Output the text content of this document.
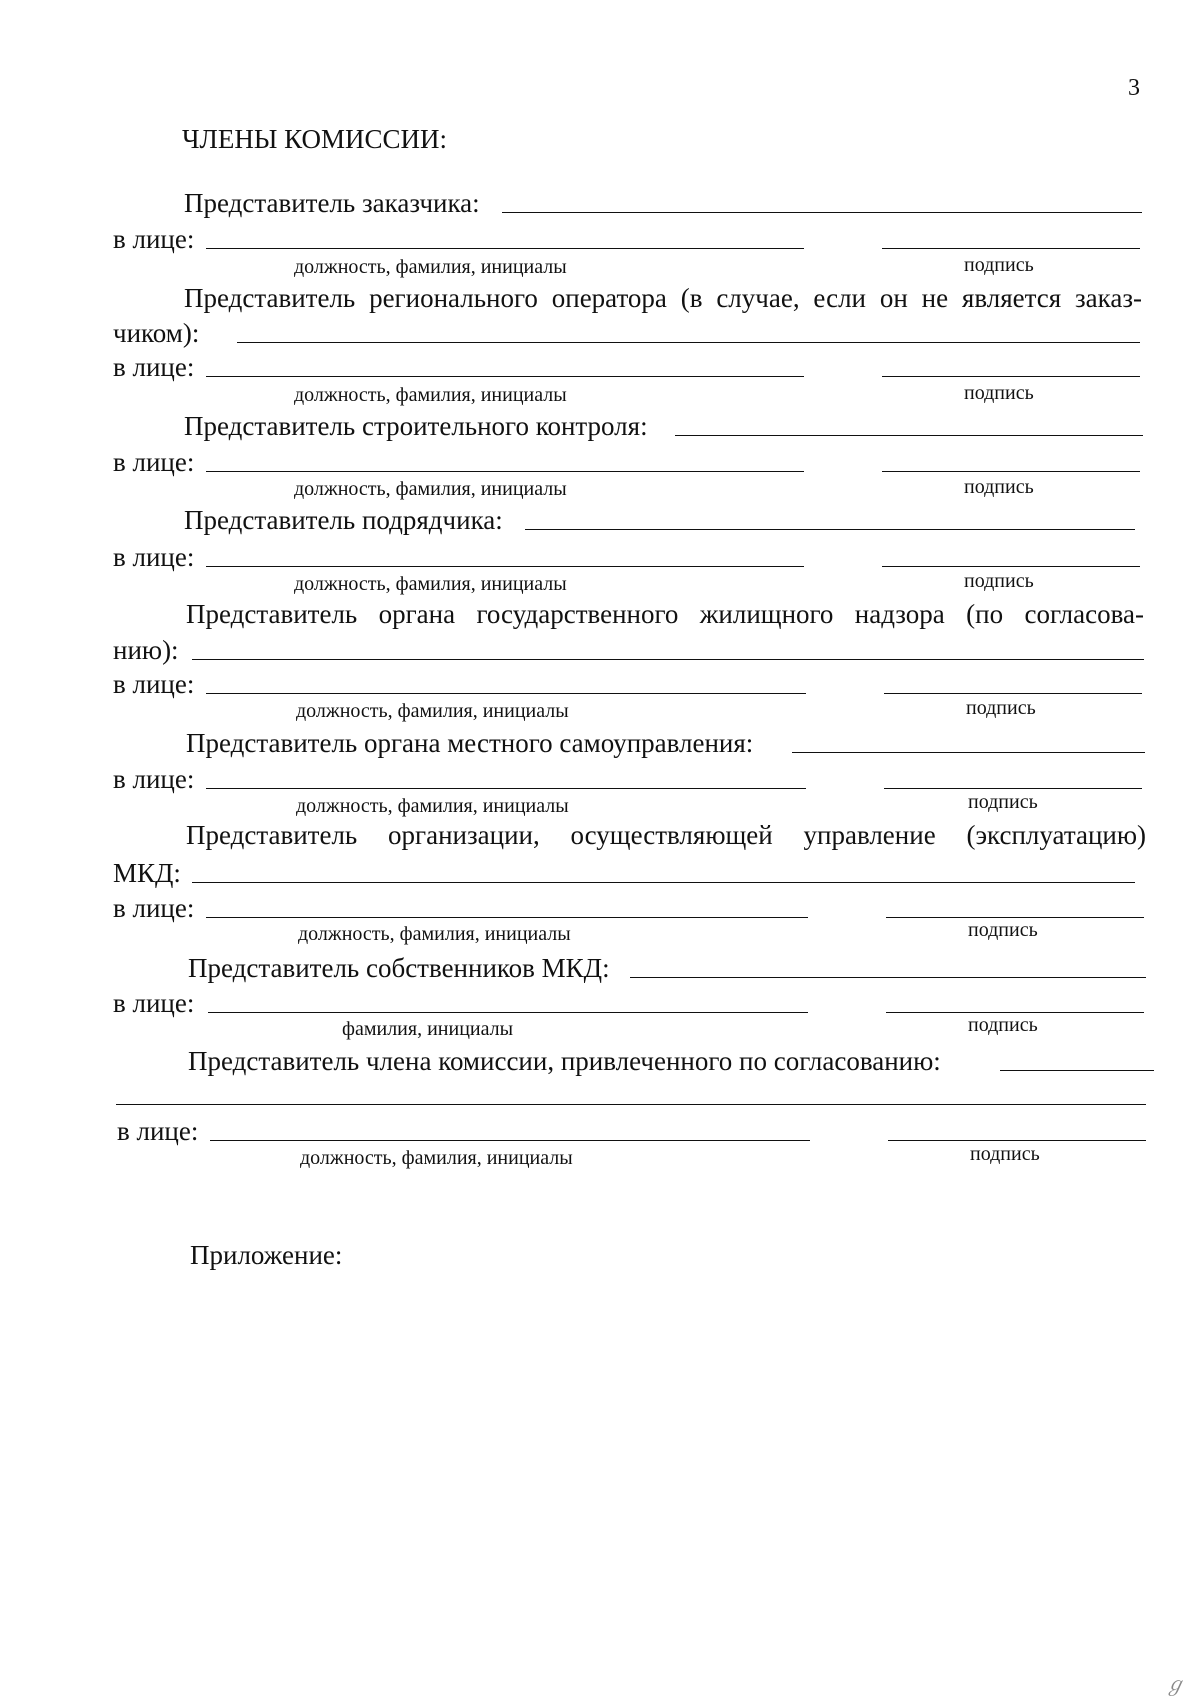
3
ЧЛЕНЫ КОМИССИИ:
Представитель заказчика:
в лице:
должность, фамилия, инициалы	подпись
Представитель регионального оператора (в случае, если он не является заказ-
чиком):
в лице:
должность, фамилия, инициалы	подпись
Представитель строительного контроля:
в лице:
должность, фамилия, инициалы	подпись
Представитель подрядчика:
в лице:
должность, фамилия, инициалы	подпись
Представитель органа государственного жилищного надзора (по согласова-
нию):
в лице:
должность, фамилия, инициалы	подпись
Представитель органа местного самоуправления:
в лице:
должность, фамилия, инициалы	подпись
Представитель организации, осуществляющей управление (эксплуатацию)
МКД:
в лице:
должность, фамилия, инициалы	подпись
Представитель собственников МКД:
в лице:
фамилия, инициалы	подпись
Представитель члена комиссии, привлеченного по согласованию:
в лице:
должность, фамилия, инициалы	подпись
Приложение:
ℊ
